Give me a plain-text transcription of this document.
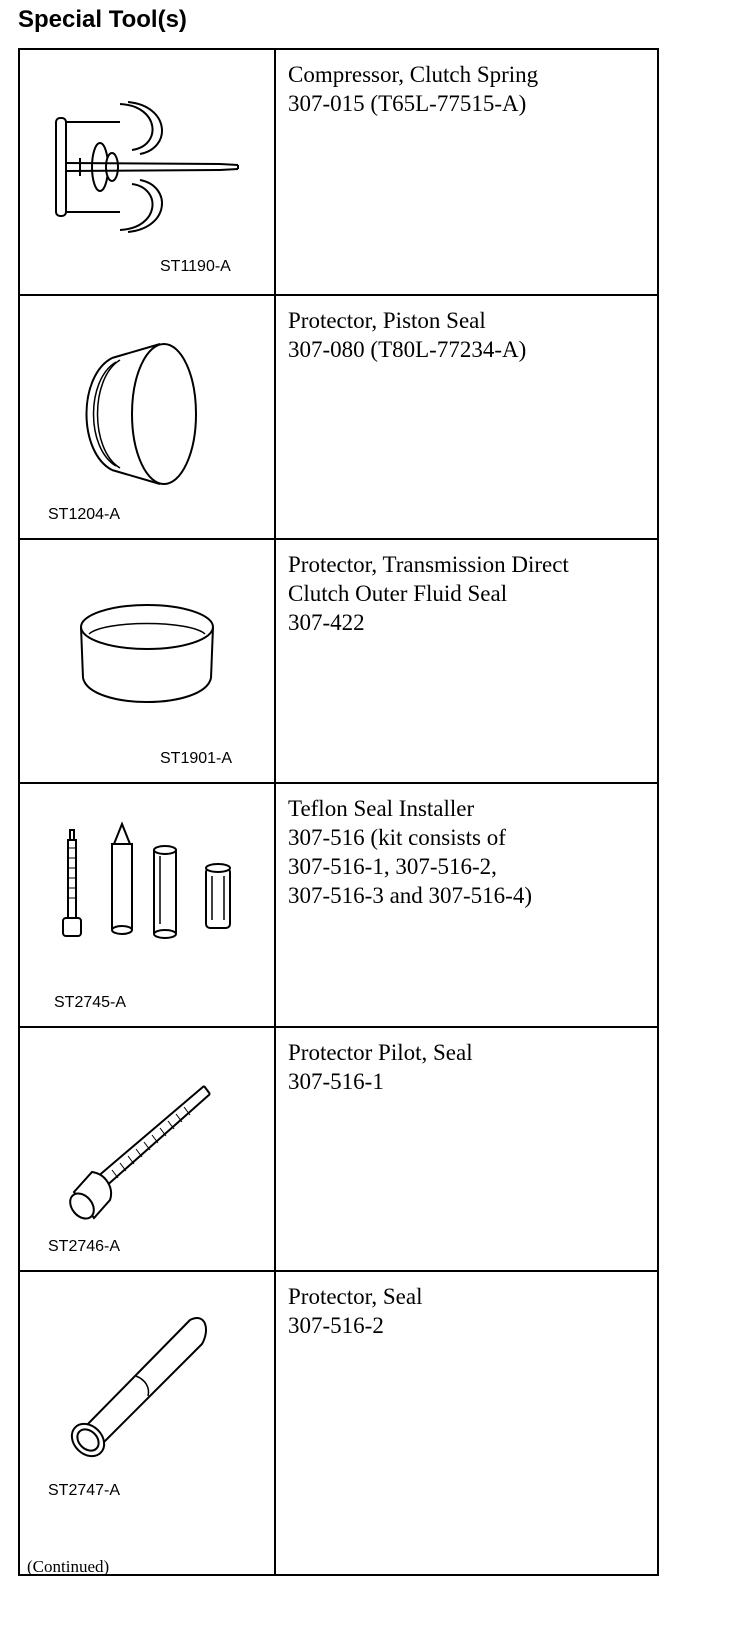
Special Tool(s)
ST1190-A
Compressor, Clutch Spring
307-015 (T65L-77515-A)
ST1204-A
Protector, Piston Seal
307-080 (T80L-77234-A)
ST1901-A
Protector, Transmission Direct
Clutch Outer Fluid Seal
307-422
ST2745-A
Teflon Seal Installer
307-516 (kit consists of
307-516-1, 307-516-2,
307-516-3 and 307-516-4)
ST2746-A
Protector Pilot, Seal
307-516-1
ST2747-A
Protector, Seal
307-516-2
(Continued)
